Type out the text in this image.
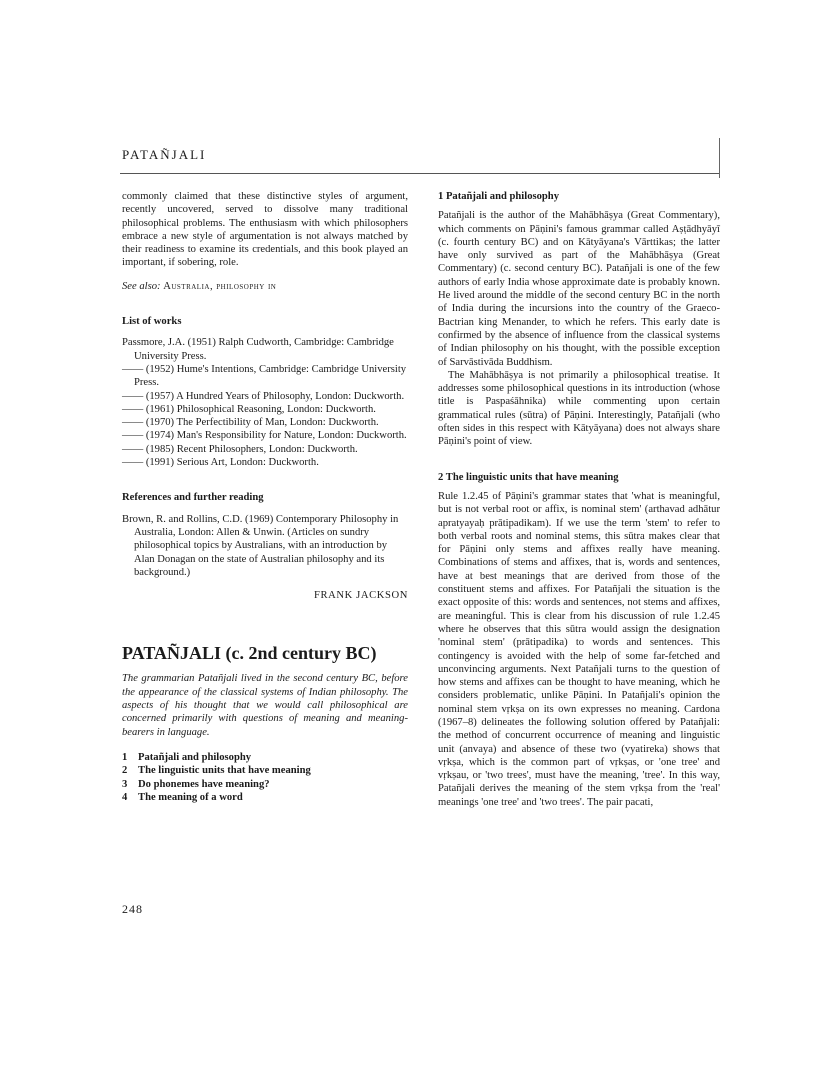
PATAÑJALI

commonly claimed that these distinctive styles of argument, recently uncovered, served to dissolve many traditional philosophical problems. The enthusiasm with which philosophers embrace a new style of argumentation is not always matched by their readiness to examine its credentials, and this book played an important, if sobering, role.

See also: Australia, philosophy in

List of works

Passmore, J.A. (1951) Ralph Cudworth, Cambridge: Cambridge University Press.

—— (1952) Hume's Intentions, Cambridge: Cambridge University Press.

—— (1957) A Hundred Years of Philosophy, London: Duckworth.

—— (1961) Philosophical Reasoning, London: Duckworth.

—— (1970) The Perfectibility of Man, London: Duckworth.

—— (1974) Man's Responsibility for Nature, London: Duckworth.

—— (1985) Recent Philosophers, London: Duckworth.

—— (1991) Serious Art, London: Duckworth.

References and further reading

Brown, R. and Rollins, C.D. (1969) Contemporary Philosophy in Australia, London: Allen & Unwin. (Articles on sundry philosophical topics by Australians, with an introduction by Alan Donagan on the state of Australian philosophy and its background.)

FRANK JACKSON

PATAÑJALI (c. 2nd century BC)

The grammarian Patañjali lived in the second century BC, before the appearance of the classical systems of Indian philosophy. The aspects of his thought that we would call philosophical are concerned primarily with questions of meaning and meaning-bearers in language.

1 Patañjali and philosophy
2 The linguistic units that have meaning
3 Do phonemes have meaning?
4 The meaning of a word
1 Patañjali and philosophy

Patañjali is the author of the Mahābhāṣya (Great Commentary), which comments on Pāṇini's famous grammar called Aṣṭādhyāyī (c. fourth century BC) and on Kātyāyana's Vārttikas; the latter have only survived as part of the Mahābhāṣya (Great Commentary) (c. second century BC). Patañjali is one of the few authors of early India whose approximate date is probably known. He lived around the middle of the second century BC in the north of India during the incursions into the country of the Graeco-Bactrian king Menander, to which he refers. This early date is confirmed by the absence of influence from the classical systems of Indian philosophy on his thought, with the possible exception of Sarvāstivāda Buddhism.

The Mahābhāṣya is not primarily a philosophical treatise. It addresses some philosophical questions in its introduction (whose title is Paspaśāhnika) while commenting upon certain grammatical rules (sūtra) of Pāṇini. Interestingly, Patañjali (who often sides in this respect with Kātyāyana) does not always share Pāṇini's point of view.

2 The linguistic units that have meaning

Rule 1.2.45 of Pāṇini's grammar states that 'what is meaningful, but is not verbal root or affix, is nominal stem' (arthavad adhātur apratyayaḥ prātipadikam). If we use the term 'stem' to refer to both verbal roots and nominal stems, this sūtra makes clear that for Pāṇini only stems and affixes really have meaning. Combinations of stems and affixes, that is, words and sentences, have at best meanings that are derived from those of the constituent stems and affixes. For Patañjali the situation is the exact opposite of this: words and sentences, not stems and affixes, are meaningful. This is clear from his discussion of rule 1.2.45 where he observes that this sūtra would assign the designation 'nominal stem' (prātipadika) to words and sentences. This contingency is avoided with the help of some far-fetched and unconvincing arguments. Next Patañjali turns to the question of how stems and affixes can be thought to have meaning, which he considers problematic, unlike Pāṇini. In Patañjali's opinion the nominal stem vṛkṣa on its own expresses no meaning. Cardona (1967–8) delineates the following solution offered by Patañjali: the method of concurrent occurrence of meaning and linguistic unit (anvaya) and absence of these two (vyatireka) shows that vṛkṣa, which is the common part of vṛkṣas, or 'one tree' and vṛkṣau, or 'two trees', must have the meaning, 'tree'. In this way, Patañjali derives the meaning of the stem vṛkṣa from the 'real' meanings 'one tree' and 'two trees'. The pair pacati,

248
